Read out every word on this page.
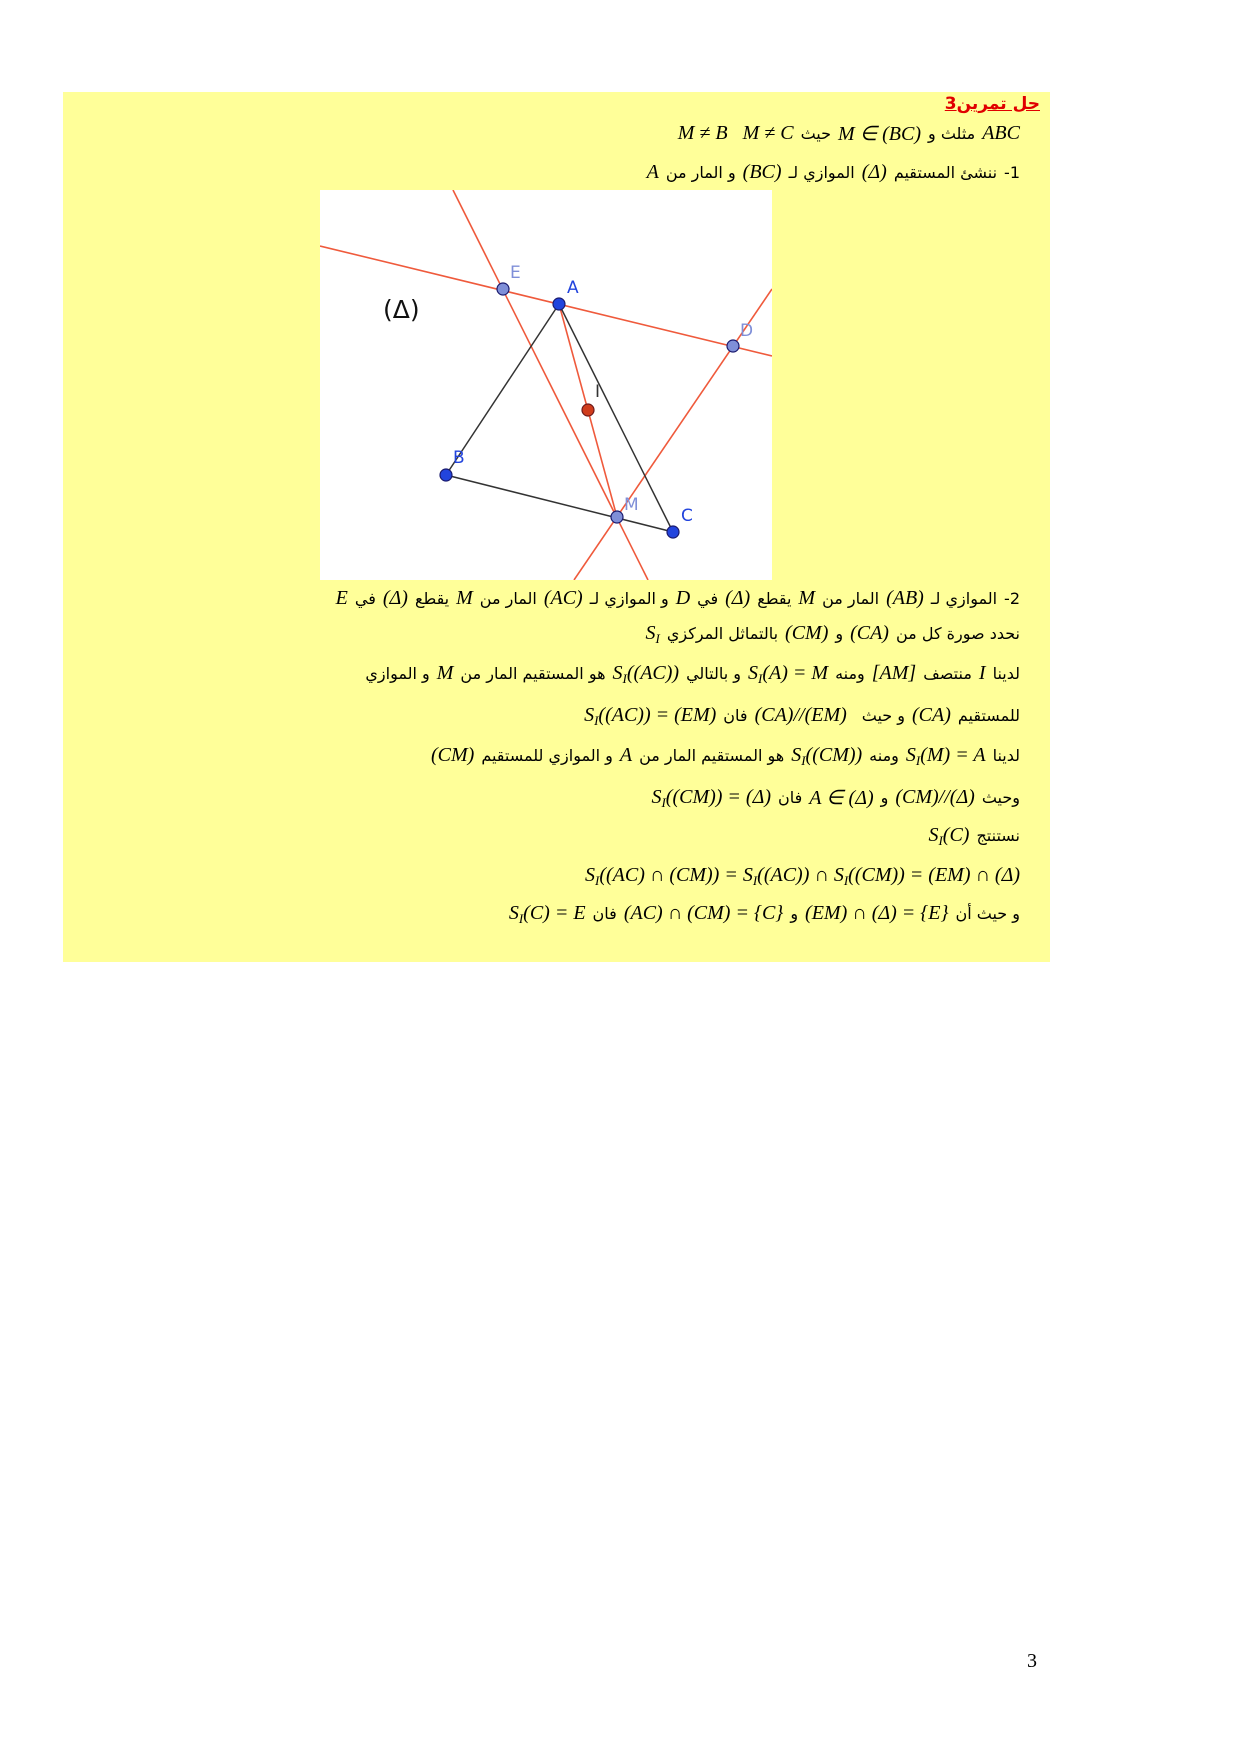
حل تمرين3
ABC
مثلث و
M ∈ (BC)
حيث
M ≠ C
M ≠ B
1-
ننشئ المستقيم
(Δ)
الموازي لـ
(BC)
و المار من
A
E
A
D
I
B
M
C
(Δ)
2-
الموازي لـ
(AB)
المار من
M
يقطع
(Δ)
في
D
و الموازي لـ
(AC)
المار من
M
يقطع
(Δ)
في
E
نحدد صورة كل من
(CA)
و
(CM)
بالتماثل المركزي
$S_I$
لدينا
I
منتصف
[AM]
ومنه
$S_I(A) = M$
و بالتالي
$S_I((AC))$
هو المستقيم المار من
M
و الموازي
للمستقيم
(CA)
و حيث
(CA)//(EM)
فان
$S_I((AC)) = (EM)$
لدينا
$S_I(M) = A$
ومنه
$S_I((CM))$
هو المستقيم المار من
A
و الموازي للمستقيم
(CM)
وحيث
(CM)//(Δ)
و
A ∈ (Δ)
فان
$S_I((CM)) = (\Delta)$
نستنتج
$S_I(C)$
$S_I((AC)$ ∩ $(CM)) = S_I((AC))$ ∩ $S_I((CM)) = (EM)$ ∩ (Δ)
و حيث أن
(EM) ∩ (Δ) = {E}
و
(AC) ∩ (CM) = {C}
فان
$S_I(C) = E$
3
